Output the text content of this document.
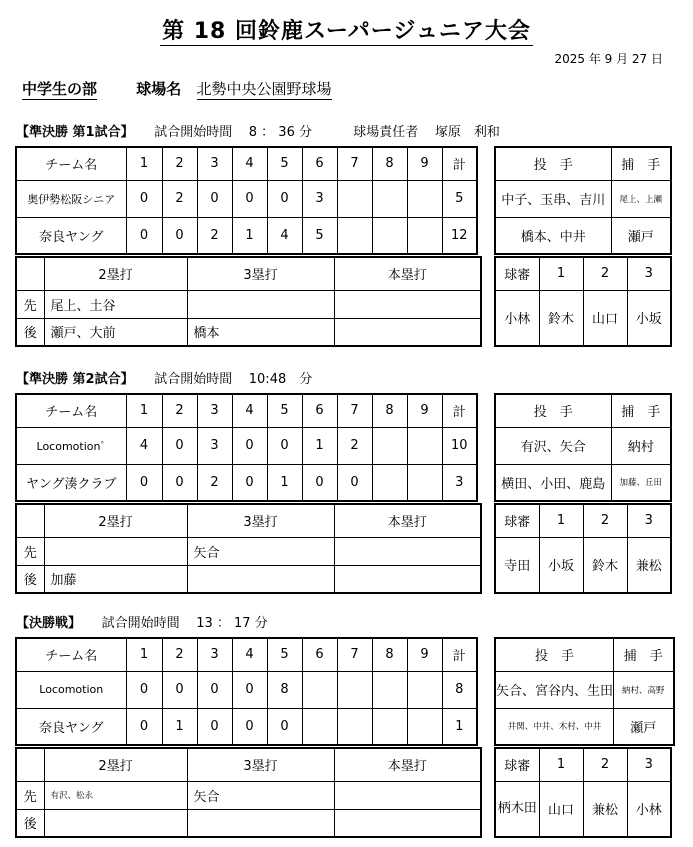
第 18 回鈴鹿スーパージュニア大会
2025 年 9 月 27 日
中学生の部	球場名 北勢中央公園野球場
【準決勝 第1試合】     試合開始時間    8 ： 36 分          球場責任者    塚原　利和
チーム名	1	2	3	4	5	6	7	8	9	計
奥伊勢松阪シニア	0	2	0	0	0	3				5
奈良ヤング	0	0	2	1	4	5				12
	2塁打	3塁打	本塁打
先	尾上、土谷		
後	瀬戸、大前	橋本	
投　手	捕　手
中子、玉串、吉川	尾上、上瀬
橋本、中井	瀬戸
球審	1	2	3
小林	鈴木	山口	小坂
【準決勝 第2試合】     試合開始時間    10:48　分
チーム名	1	2	3	4	5	6	7	8	9	計
Locomotionﾟ	4	0	3	0	0	1	2			10
ヤング湊クラブ	0	0	2	0	1	0	0			3
	2塁打	3塁打	本塁打
先		矢合	
後	加藤		
投　手	捕　手
有沢、矢合	納村
横田、小田、鹿島	加藤、丘田
球審	1	2	3
寺田	小坂	鈴木	兼松
【決勝戦】     試合開始時間    13 ： 17 分
チーム名	1	2	3	4	5	6	7	8	9	計
Locomotion	0	0	0	0	8					8
奈良ヤング	0	1	0	0	0					1
	2塁打	3塁打	本塁打
先	有沢、松永	矢合	
後			
投　手	捕　手
矢合、宮谷内、生田	納村、高野
井関、中井、木村、中井	瀬戸
球審	1	2	3
柄木田	山口	兼松	小林
